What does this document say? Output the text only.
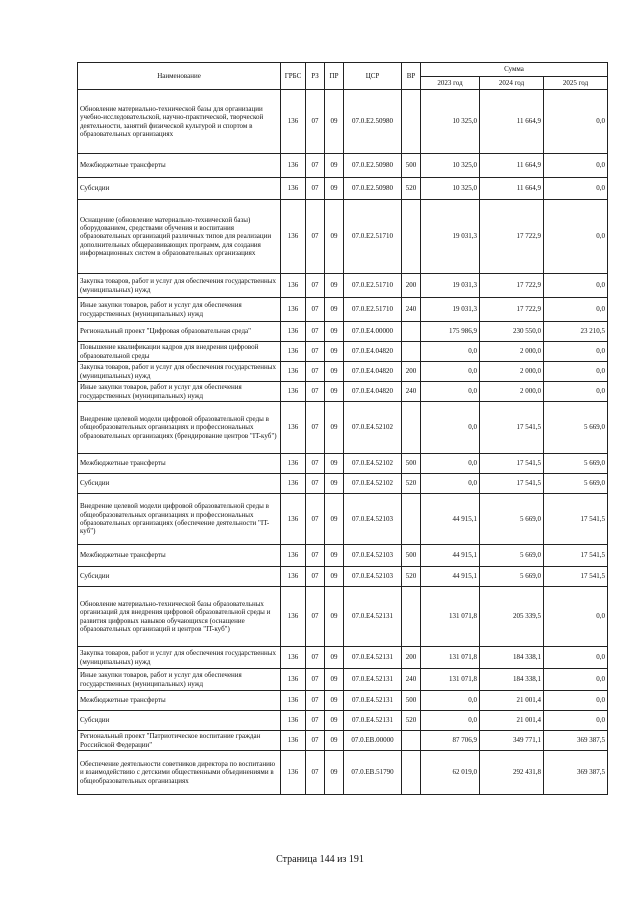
Наименование	ГРБС	РЗ	ПР	ЦСР	ВР	Сумма		
						2023 год	2024 год	2025 год
Обновление материально-технической базы для организации учебно-исследовательской, научно-практической, творческой деятельности, занятий физической культурой и спортом в образовательных организациях	136	07	09	07.0.E2.50980		10 325,0	11 664,9	0,0
Межбюджетные трансферты	136	07	09	07.0.E2.50980	500	10 325,0	11 664,9	0,0
Субсидии	136	07	09	07.0.E2.50980	520	10 325,0	11 664,9	0,0
Оснащение (обновление материально-технической базы) оборудованием, средствами обучения и воспитания образовательных организаций различных типов для реализации дополнительных общеразвивающих программ, для создания информационных систем в образовательных организациях	136	07	09	07.0.E2.51710		19 031,3	17 722,9	0,0
Закупка товаров, работ и услуг для обеспечения государственных (муниципальных) нужд	136	07	09	07.0.E2.51710	200	19 031,3	17 722,9	0,0
Иные закупки товаров, работ и услуг для обеспечения государственных (муниципальных) нужд	136	07	09	07.0.E2.51710	240	19 031,3	17 722,9	0,0
Региональный проект "Цифровая образовательная среда"	136	07	09	07.0.E4.00000		175 986,9	230 550,0	23 210,5
Повышение квалификации кадров для внедрения цифровой образовательной среды	136	07	09	07.0.E4.04820		0,0	2 000,0	0,0
Закупка товаров, работ и услуг для обеспечения государственных (муниципальных) нужд	136	07	09	07.0.E4.04820	200	0,0	2 000,0	0,0
Иные закупки товаров, работ и услуг для обеспечения государственных (муниципальных) нужд	136	07	09	07.0.E4.04820	240	0,0	2 000,0	0,0
Внедрение целевой модели цифровой образовательной среды в общеобразовательных организациях и профессиональных образовательных организациях (брендирование центров "IT-куб")	136	07	09	07.0.E4.52102		0,0	17 541,5	5 669,0
Межбюджетные трансферты	136	07	09	07.0.E4.52102	500	0,0	17 541,5	5 669,0
Субсидии	136	07	09	07.0.E4.52102	520	0,0	17 541,5	5 669,0
Внедрение целевой модели цифровой образовательной среды в общеобразовательных организациях и профессиональных образовательных организациях (обеспечение деятельности "IT-куб")	136	07	09	07.0.E4.52103		44 915,1	5 669,0	17 541,5
Межбюджетные трансферты	136	07	09	07.0.E4.52103	500	44 915,1	5 669,0	17 541,5
Субсидии	136	07	09	07.0.E4.52103	520	44 915,1	5 669,0	17 541,5
Обновление материально-технической базы образовательных организаций для внедрения цифровой образовательной среды и развития цифровых навыков обучающихся (оснащение образовательных организаций и центров "IT-куб")	136	07	09	07.0.E4.52131		131 071,8	205 339,5	0,0
Закупка товаров, работ и услуг для обеспечения государственных (муниципальных) нужд	136	07	09	07.0.E4.52131	200	131 071,8	184 338,1	0,0
Иные закупки товаров, работ и услуг для обеспечения государственных (муниципальных) нужд	136	07	09	07.0.E4.52131	240	131 071,8	184 338,1	0,0
Межбюджетные трансферты	136	07	09	07.0.E4.52131	500	0,0	21 001,4	0,0
Субсидии	136	07	09	07.0.E4.52131	520	0,0	21 001,4	0,0
Региональный проект "Патриотическое воспитание граждан Российской Федерации"	136	07	09	07.0.EВ.00000		87 706,9	349 771,1	369 387,5
Обеспечение деятельности советников директора по воспитанию и взаимодействию с детскими общественными объединениями в общеобразовательных организациях	136	07	09	07.0.EВ.51790		62 019,0	292 431,8	369 387,5
Страница 144 из 191
